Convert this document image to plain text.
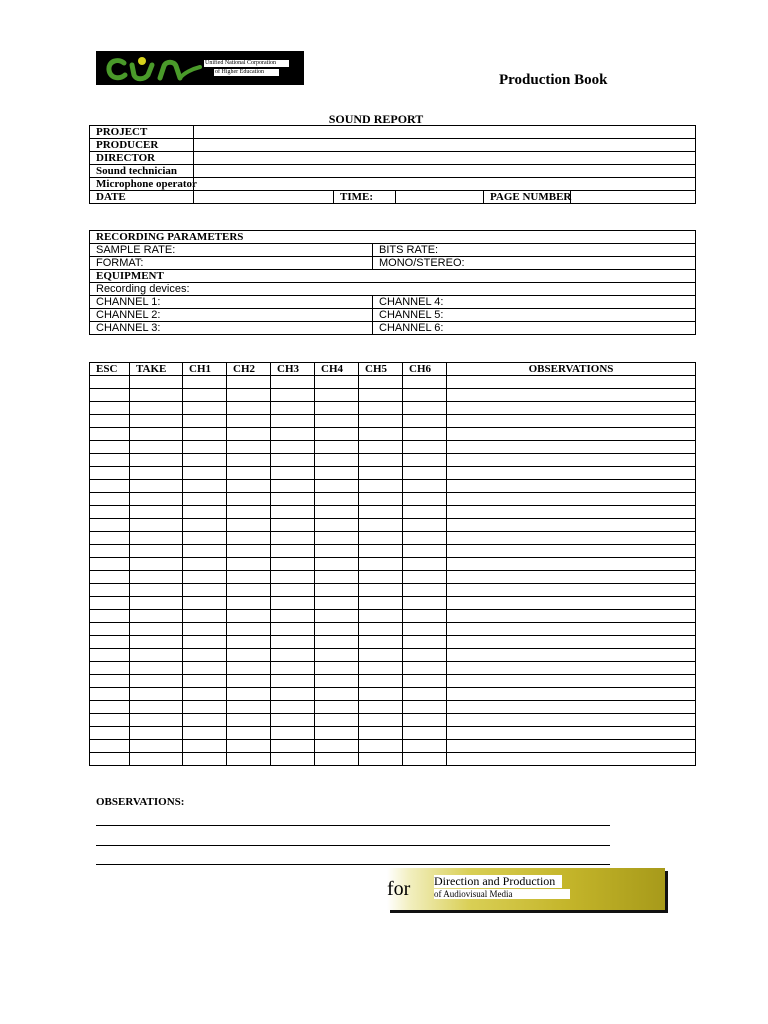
Unified National Corporation
of Higher Education	Production Book
SOUND REPORT
PROJECT					
PRODUCER					
DIRECTOR					
Sound technician					
Microphone operator					
DATE		TIME:		PAGE NUMBER	
RECORDING PARAMETERS	
SAMPLE RATE:	BITS RATE:
FORMAT:	MONO/STEREO:
EQUIPMENT	
Recording devices:	
CHANNEL 1:	CHANNEL 4:
CHANNEL 2:	CHANNEL 5:
CHANNEL 3:	CHANNEL 6:
ESC	TAKE	CH1	CH2	CH3	CH4	CH5	CH6	OBSERVATIONS

OBSERVATIONS:
for Direction and Production
of Audiovisual Media
